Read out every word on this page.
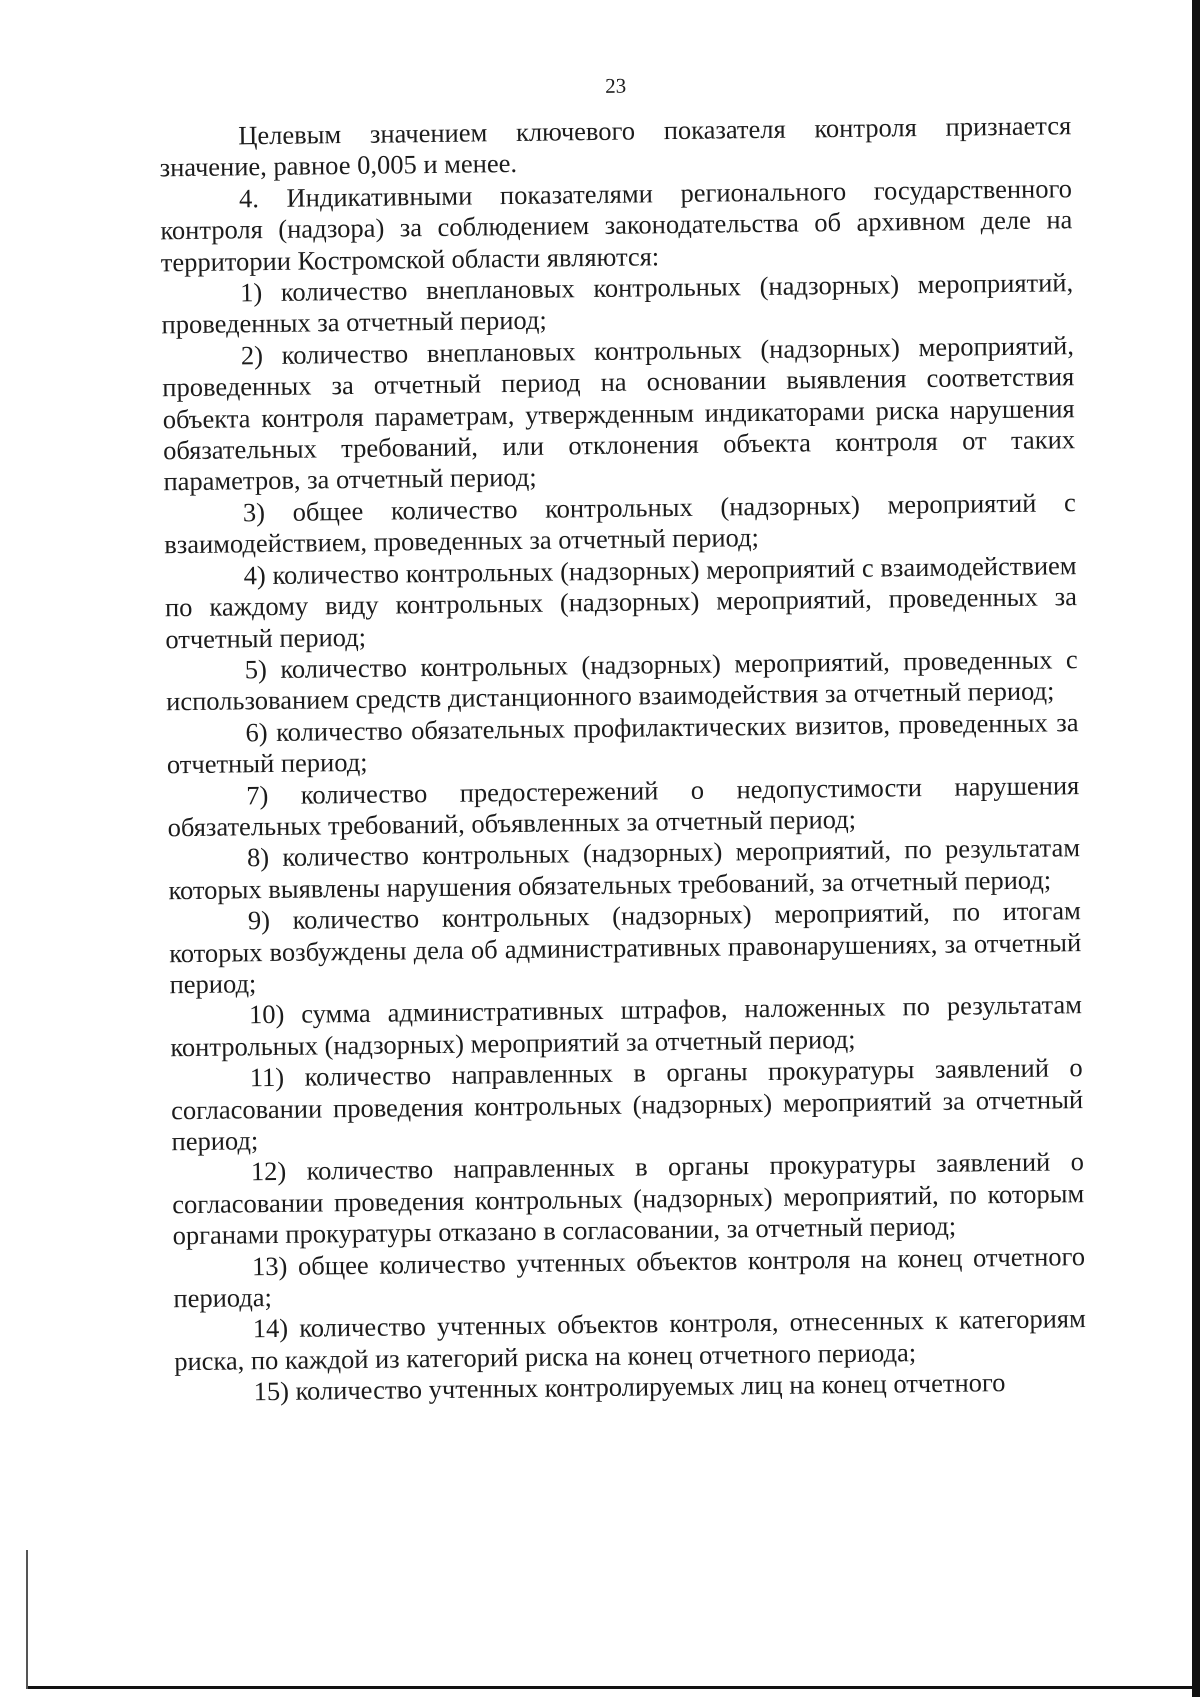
23

Целевым значением ключевого показателя контроля признается значение, равное 0,005 и менее.

4. Индикативными показателями регионального государственного контроля (надзора) за соблюдением законодательства об архивном деле на территории Костромской области являются:

1) количество внеплановых контрольных (надзорных) мероприятий, проведенных за отчетный период;

2) количество внеплановых контрольных (надзорных) мероприятий, проведенных за отчетный период на основании выявления соответствия объекта контроля параметрам, утвержденным индикаторами риска нарушения обязательных требований, или отклонения объекта контроля от таких параметров, за отчетный период;

3) общее количество контрольных (надзорных) мероприятий с взаимодействием, проведенных за отчетный период;

4) количество контрольных (надзорных) мероприятий с взаимодействием по каждому виду контрольных (надзорных) мероприятий, проведенных за отчетный период;

5) количество контрольных (надзорных) мероприятий, проведенных с использованием средств дистанционного взаимодействия за отчетный период;

6) количество обязательных профилактических визитов, проведенных за отчетный период;

7) количество предостережений о недопустимости нарушения обязательных требований, объявленных за отчетный период;

8) количество контрольных (надзорных) мероприятий, по результатам которых выявлены нарушения обязательных требований, за отчетный период;

9) количество контрольных (надзорных) мероприятий, по итогам которых возбуждены дела об административных правонарушениях, за отчетный период;

10) сумма административных штрафов, наложенных по результатам контрольных (надзорных) мероприятий за отчетный период;

11) количество направленных в органы прокуратуры заявлений о согласовании проведения контрольных (надзорных) мероприятий за отчетный период;

12) количество направленных в органы прокуратуры заявлений о согласовании проведения контрольных (надзорных) мероприятий, по которым органами прокуратуры отказано в согласовании, за отчетный период;

13) общее количество учтенных объектов контроля на конец отчетного периода;

14) количество учтенных объектов контроля, отнесенных к категориям риска, по каждой из категорий риска на конец отчетного периода;

15) количество учтенных контролируемых лиц на конец отчетного
